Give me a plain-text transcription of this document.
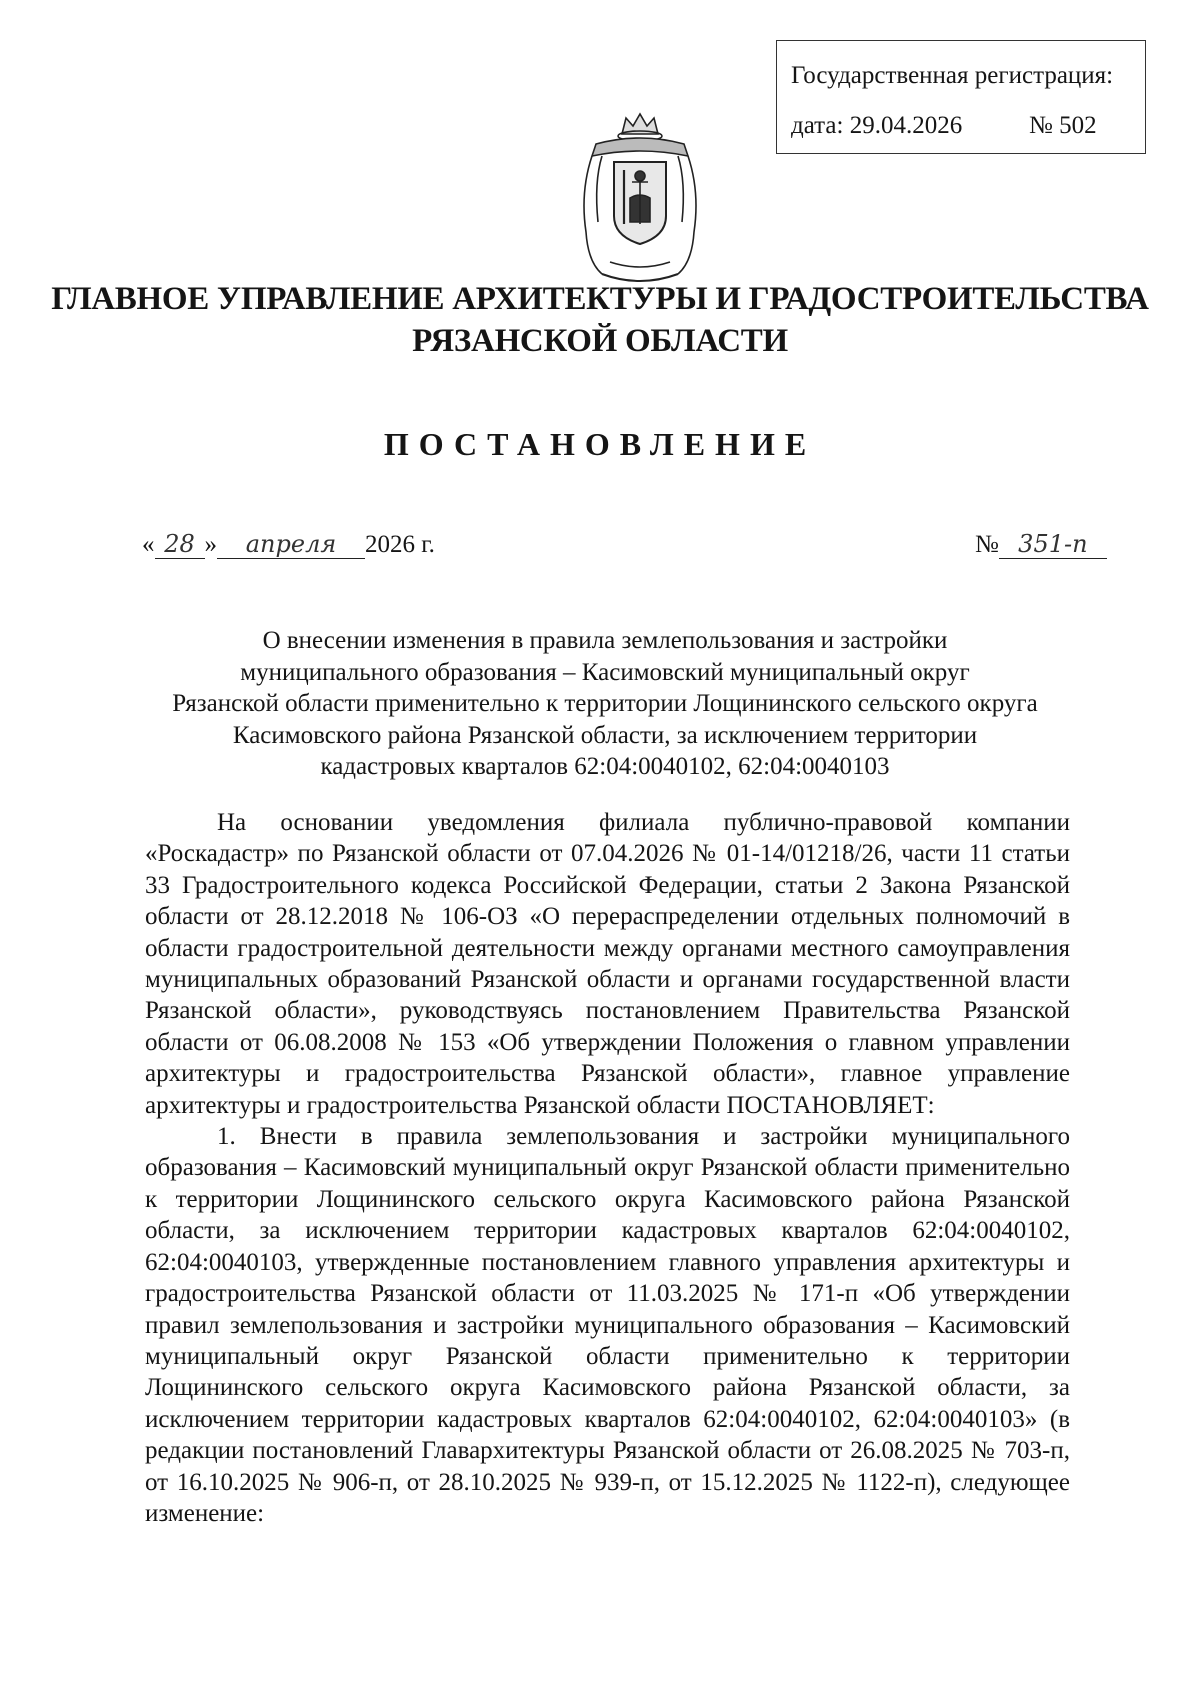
Государственная регистрация:
дата: 29.04.2026	№ 502
ГЛАВНОЕ УПРАВЛЕНИЕ АРХИТЕКТУРЫ И ГРАДОСТРОИТЕЛЬСТВА
РЯЗАНСКОЙ ОБЛАСТИ
ПОСТАНОВЛЕНИЕ
« 28 » апреля 2026 г.	№ 351-п
О внесении изменения в правила землепользования и застройки
муниципального образования – Касимовский муниципальный округ
Рязанской области применительно к территории Лощининского сельского округа
Касимовского района Рязанской области, за исключением территории
кадастровых кварталов 62:04:0040102, 62:04:0040103

На основании уведомления филиала публично-правовой компании «Роскадастр» по Рязанской области от 07.04.2026 № 01-14/01218/26, части 11 статьи 33 Градостроительного кодекса Российской Федерации, статьи 2 Закона Рязанской области от 28.12.2018 № 106-ОЗ «О перераспределении отдельных полномочий в области градостроительной деятельности между органами местного самоуправления муниципальных образований Рязанской области и органами государственной власти Рязанской области», руководствуясь постановлением Правительства Рязанской области от 06.08.2008 № 153 «Об утверждении Положения о главном управлении архитектуры и градостроительства Рязанской области», главное управление архитектуры и градостроительства Рязанской области ПОСТАНОВЛЯЕТ:

1. Внести в правила землепользования и застройки муниципального образования – Касимовский муниципальный округ Рязанской области применительно к территории Лощининского сельского округа Касимовского района Рязанской области, за исключением территории кадастровых кварталов 62:04:0040102, 62:04:0040103, утвержденные постановлением главного управления архитектуры и градостроительства Рязанской области от 11.03.2025 № 171-п «Об утверждении правил землепользования и застройки муниципального образования – Касимовский муниципальный округ Рязанской области применительно к территории Лощининского сельского округа Касимовского района Рязанской области, за исключением территории кадастровых кварталов 62:04:0040102, 62:04:0040103» (в редакции постановлений Главархитектуры Рязанской области от 26.08.2025 № 703-п, от 16.10.2025 № 906-п, от 28.10.2025 № 939-п, от 15.12.2025 № 1122-п), следующее изменение:
